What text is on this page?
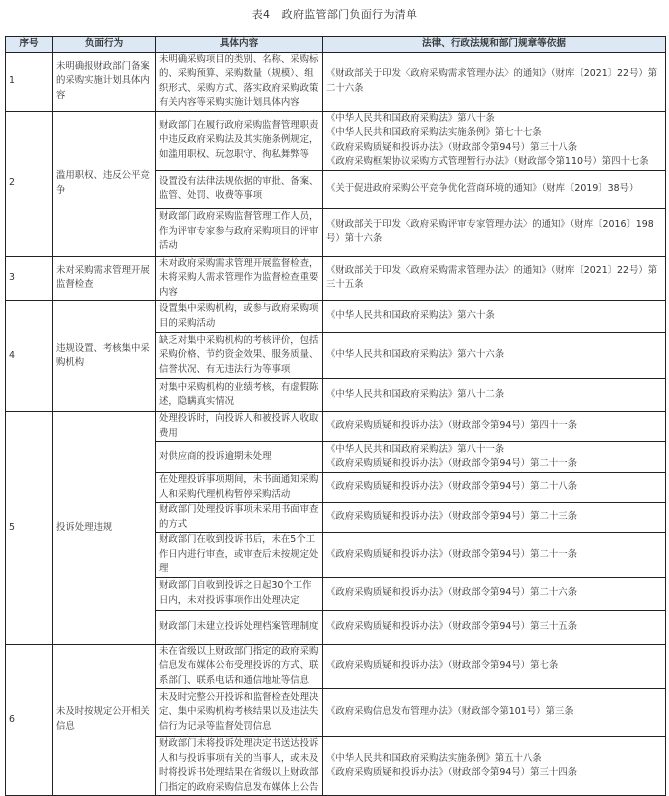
表4　政府监管部门负面行为清单
序号	负面行为	具体内容	法律、行政法规和部门规章等依据
1	未明确报财政部门备案的采购实施计划具体内容	未明确采购项目的类别、名称、采购标的、采购预算、采购数量（规模）、组织形式、采购方式、落实政府采购政策有关内容等采购实施计划具体内容	《财政部关于印发〈政府采购需求管理办法〉的通知》（财库〔2021〕22号）第二十六条

2	滥用职权、违反公平竞争	财政部门在履行政府采购监督管理职责中违反政府采购法及其实施条例规定，如滥用职权、玩忽职守、徇私舞弊等	《中华人民共和国政府采购法》第八十条
《中华人民共和国政府采购法实施条例》第七十七条
《政府采购质疑和投诉办法》（财政部令第94号）第三十八条
《政府采购框架协议采购方式管理暂行办法》（财政部令第110号）第四十七条

		设置没有法律法规依据的审批、备案、监管、处罚、收费等事项	《关于促进政府采购公平竞争优化营商环境的通知》（财库〔2019〕38号）

		财政部门政府采购监督管理工作人员，作为评审专家参与政府采购项目的评审活动	《财政部关于印发〈政府采购评审专家管理办法〉的通知》（财库〔2016〕198号）第十六条

3	未对采购需求管理开展监督检查	未对政府采购需求管理开展监督检查，未将采购人需求管理作为监督检查重要内容	《财政部关于印发〈政府采购需求管理办法〉的通知》（财库〔2021〕22号）第三十五条

4	违规设置、考核集中采购机构	设置集中采购机构，或参与政府采购项目的采购活动	《中华人民共和国政府采购法》第六十条

		缺乏对集中采购机构的考核评价，包括采购价格、节约资金效果、服务质量、信誉状况、有无违法行为等事项	《中华人民共和国政府采购法》第六十六条

		对集中采购机构的业绩考核，有虚假陈述，隐瞒真实情况	《中华人民共和国政府采购法》第八十二条

5	投诉处理违规	处理投诉时，向投诉人和被投诉人收取费用	《政府采购质疑和投诉办法》（财政部令第94号）第四十一条

		对供应商的投诉逾期未处理	《中华人民共和国政府采购法》第八十一条
《政府采购质疑和投诉办法》（财政部令第94号）第二十一条

		在处理投诉事项期间，未书面通知采购人和采购代理机构暂停采购活动	《政府采购质疑和投诉办法》（财政部令第94号）第二十八条

		财政部门处理投诉事项未采用书面审查的方式	《政府采购质疑和投诉办法》（财政部令第94号）第二十三条

		财政部门在收到投诉书后，未在5个工作日内进行审查，或审查后未按规定处理	《政府采购质疑和投诉办法》（财政部令第94号）第二十一条

		财政部门自收到投诉之日起30个工作日内，未对投诉事项作出处理决定	《政府采购质疑和投诉办法》（财政部令第94号）第二十六条

		财政部门未建立投诉处理档案管理制度	《政府采购质疑和投诉办法》（财政部令第94号）第三十五条

6	未及时按规定公开相关信息	未在省级以上财政部门指定的政府采购信息发布媒体公布受理投诉的方式、联系部门、联系电话和通信地址等信息	《政府采购质疑和投诉办法》（财政部令第94号）第七条

		未及时完整公开投诉和监督检查处理决定、集中采购机构考核结果以及违法失信行为记录等监督处罚信息	《政府采购信息发布管理办法》（财政部令第101号）第三条

		财政部门未将投诉处理决定书送达投诉人和与投诉事项有关的当事人，或未及时将投诉书处理结果在省级以上财政部门指定的政府采购信息发布媒体上公告	《中华人民共和国政府采购法实施条例》第五十八条
《政府采购质疑和投诉办法》（财政部令第94号）第三十四条
